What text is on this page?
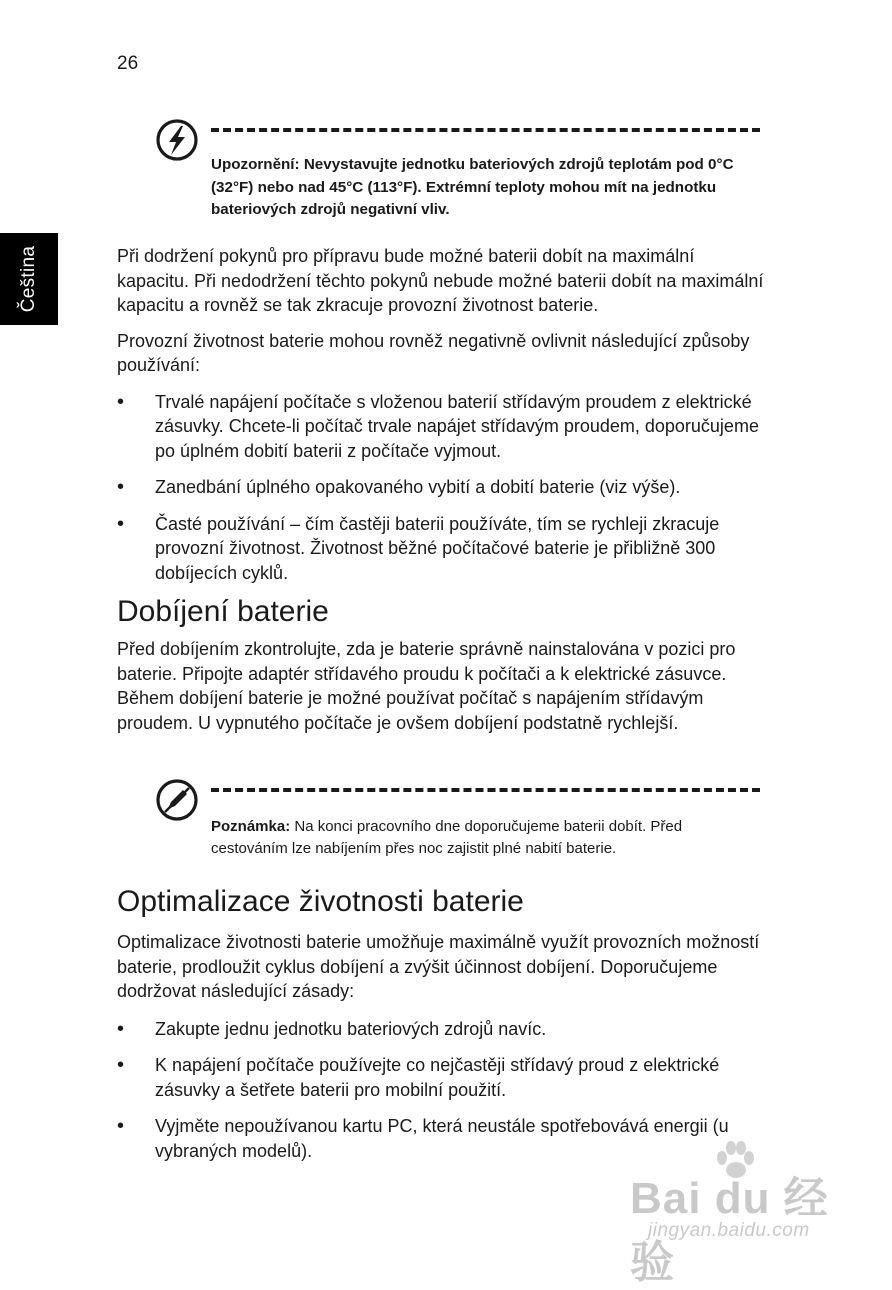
26
Čeština
Upozornění: Nevystavujte jednotku bateriových zdrojů teplotám pod 0°C (32°F) nebo nad 45°C (113°F). Extrémní teploty mohou mít na jednotku bateriových zdrojů negativní vliv.

Při dodržení pokynů pro přípravu bude možné baterii dobít na maximální kapacitu. Při nedodržení těchto pokynů nebude možné baterii dobít na maximální kapacitu a rovněž se tak zkracuje provozní životnost baterie.

Provozní životnost baterie mohou rovněž negativně ovlivnit následující způsoby používání:

• Trvalé napájení počítače s vloženou baterií střídavým proudem z elektrické zásuvky. Chcete-li počítač trvale napájet střídavým proudem, doporučujeme po úplném dobití baterii z počítače vyjmout.
• Zanedbání úplného opakovaného vybití a dobití baterie (viz výše).
• Časté používání – čím častěji baterii používáte, tím se rychleji zkracuje provozní životnost. Životnost běžné počítačové baterie je přibližně 300 dobíjecích cyklů.
Dobíjení baterie

Před dobíjením zkontrolujte, zda je baterie správně nainstalována v pozici pro baterie. Připojte adaptér střídavého proudu k počítači a k elektrické zásuvce. Během dobíjení baterie je možné používat počítač s napájením střídavým proudem. U vypnutého počítače je ovšem dobíjení podstatně rychlejší.

Poznámka: Na konci pracovního dne doporučujeme baterii dobít. Před cestováním lze nabíjením přes noc zajistit plné nabití baterie.
Optimalizace životnosti baterie

Optimalizace životnosti baterie umožňuje maximálně využít provozních možností baterie, prodloužit cyklus dobíjení a zvýšit účinnost dobíjení. Doporučujeme dodržovat následující zásady:

• Zakupte jednu jednotku bateriových zdrojů navíc.
• K napájení počítače používejte co nejčastěji střídavý proud z elektrické zásuvky a šetřete baterii pro mobilní použití.
• Vyjměte nepoužívanou kartu PC, která neustále spotřebovává energii (u vybraných modelů).
Bai du 经验
jingyan.baidu.com
